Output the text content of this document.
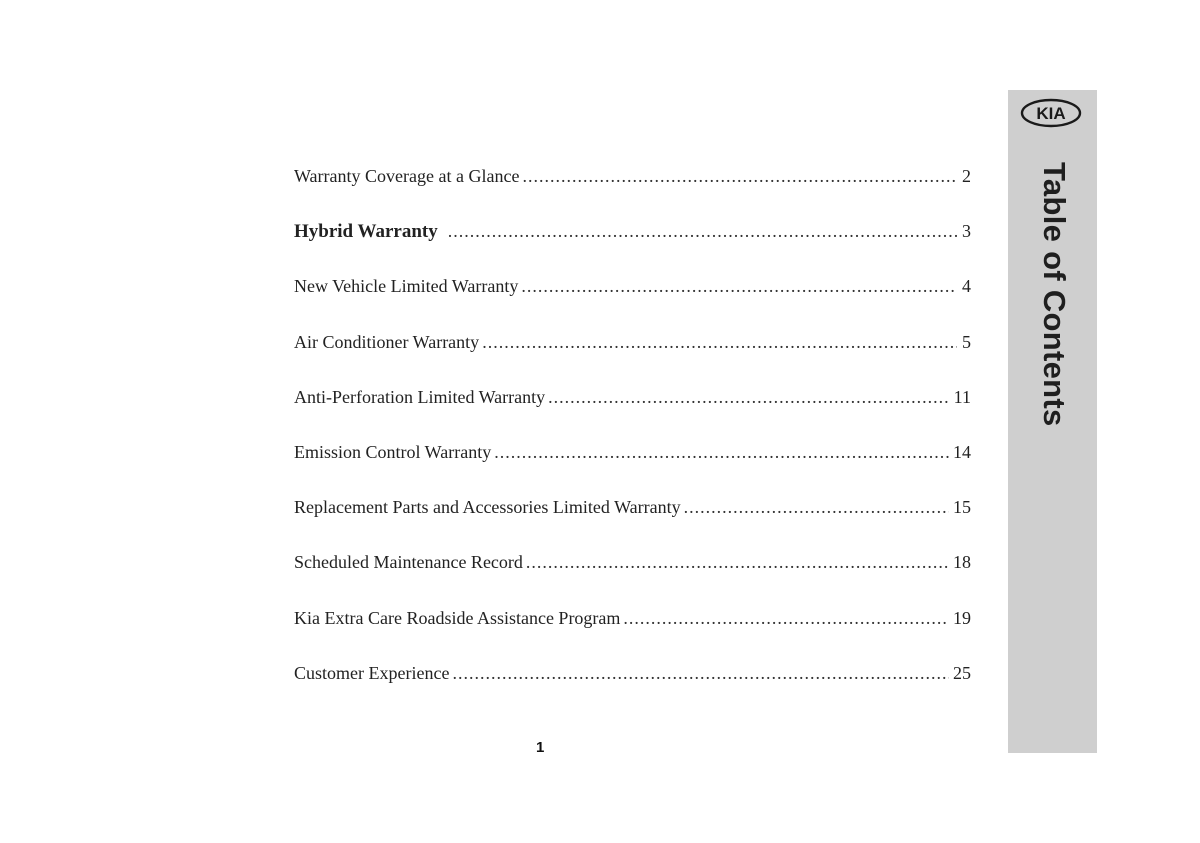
Warranty Coverage at a Glance .....	2
Hybrid Warranty .....	3
New Vehicle Limited Warranty .....	4
Air Conditioner Warranty .....	5
Anti-Perforation Limited Warranty .....	11
Emission Control Warranty .....	14
Replacement Parts and Accessories Limited Warranty .....	15
Scheduled Maintenance Record .....	18
Kia Extra Care Roadside Assistance Program .....	19
Customer Experience .....	25
1
KIA
Table of Contents
